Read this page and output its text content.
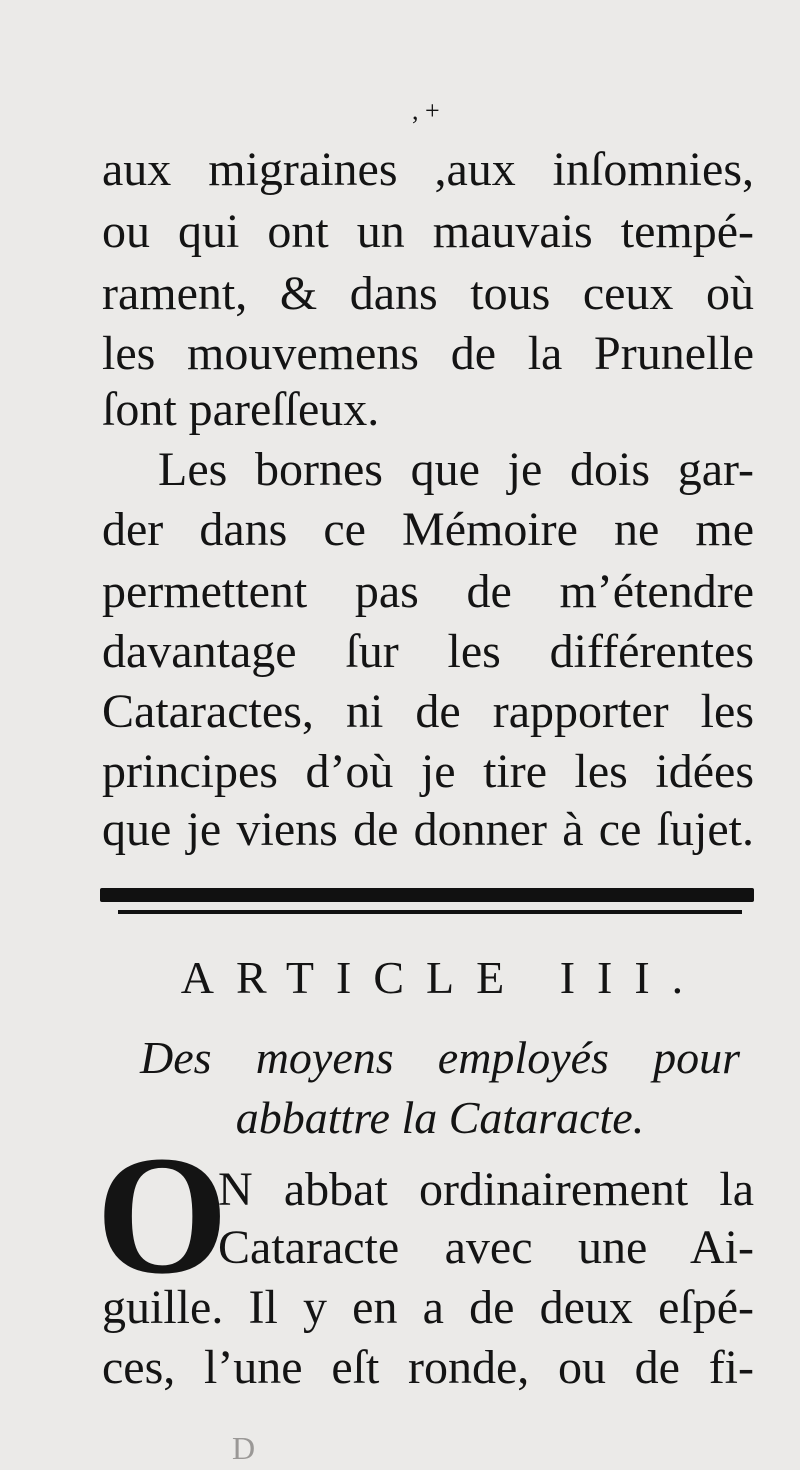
, +
aux migraines ,aux inſomnies,
ou qui ont un mauvais tempé-
rament, & dans tous ceux où
les mouvemens de la Prunelle
ſont pareſſeux.
Les bornes que je dois gar-
der dans ce Mémoire ne me
permettent pas de m’étendre
davantage ſur les différentes
Cataractes, ni de rapporter les
principes d’où je tire les idées
que je viens de donner à ce ſujet.
ARTICLE III.
Des moyens employés pour
abbattre la Cataracte.
O
N abbat ordinairement la
Cataracte avec une Ai-
guille. Il y en a de deux eſpé-
ces, l’une eſt ronde, ou de fi-
D
